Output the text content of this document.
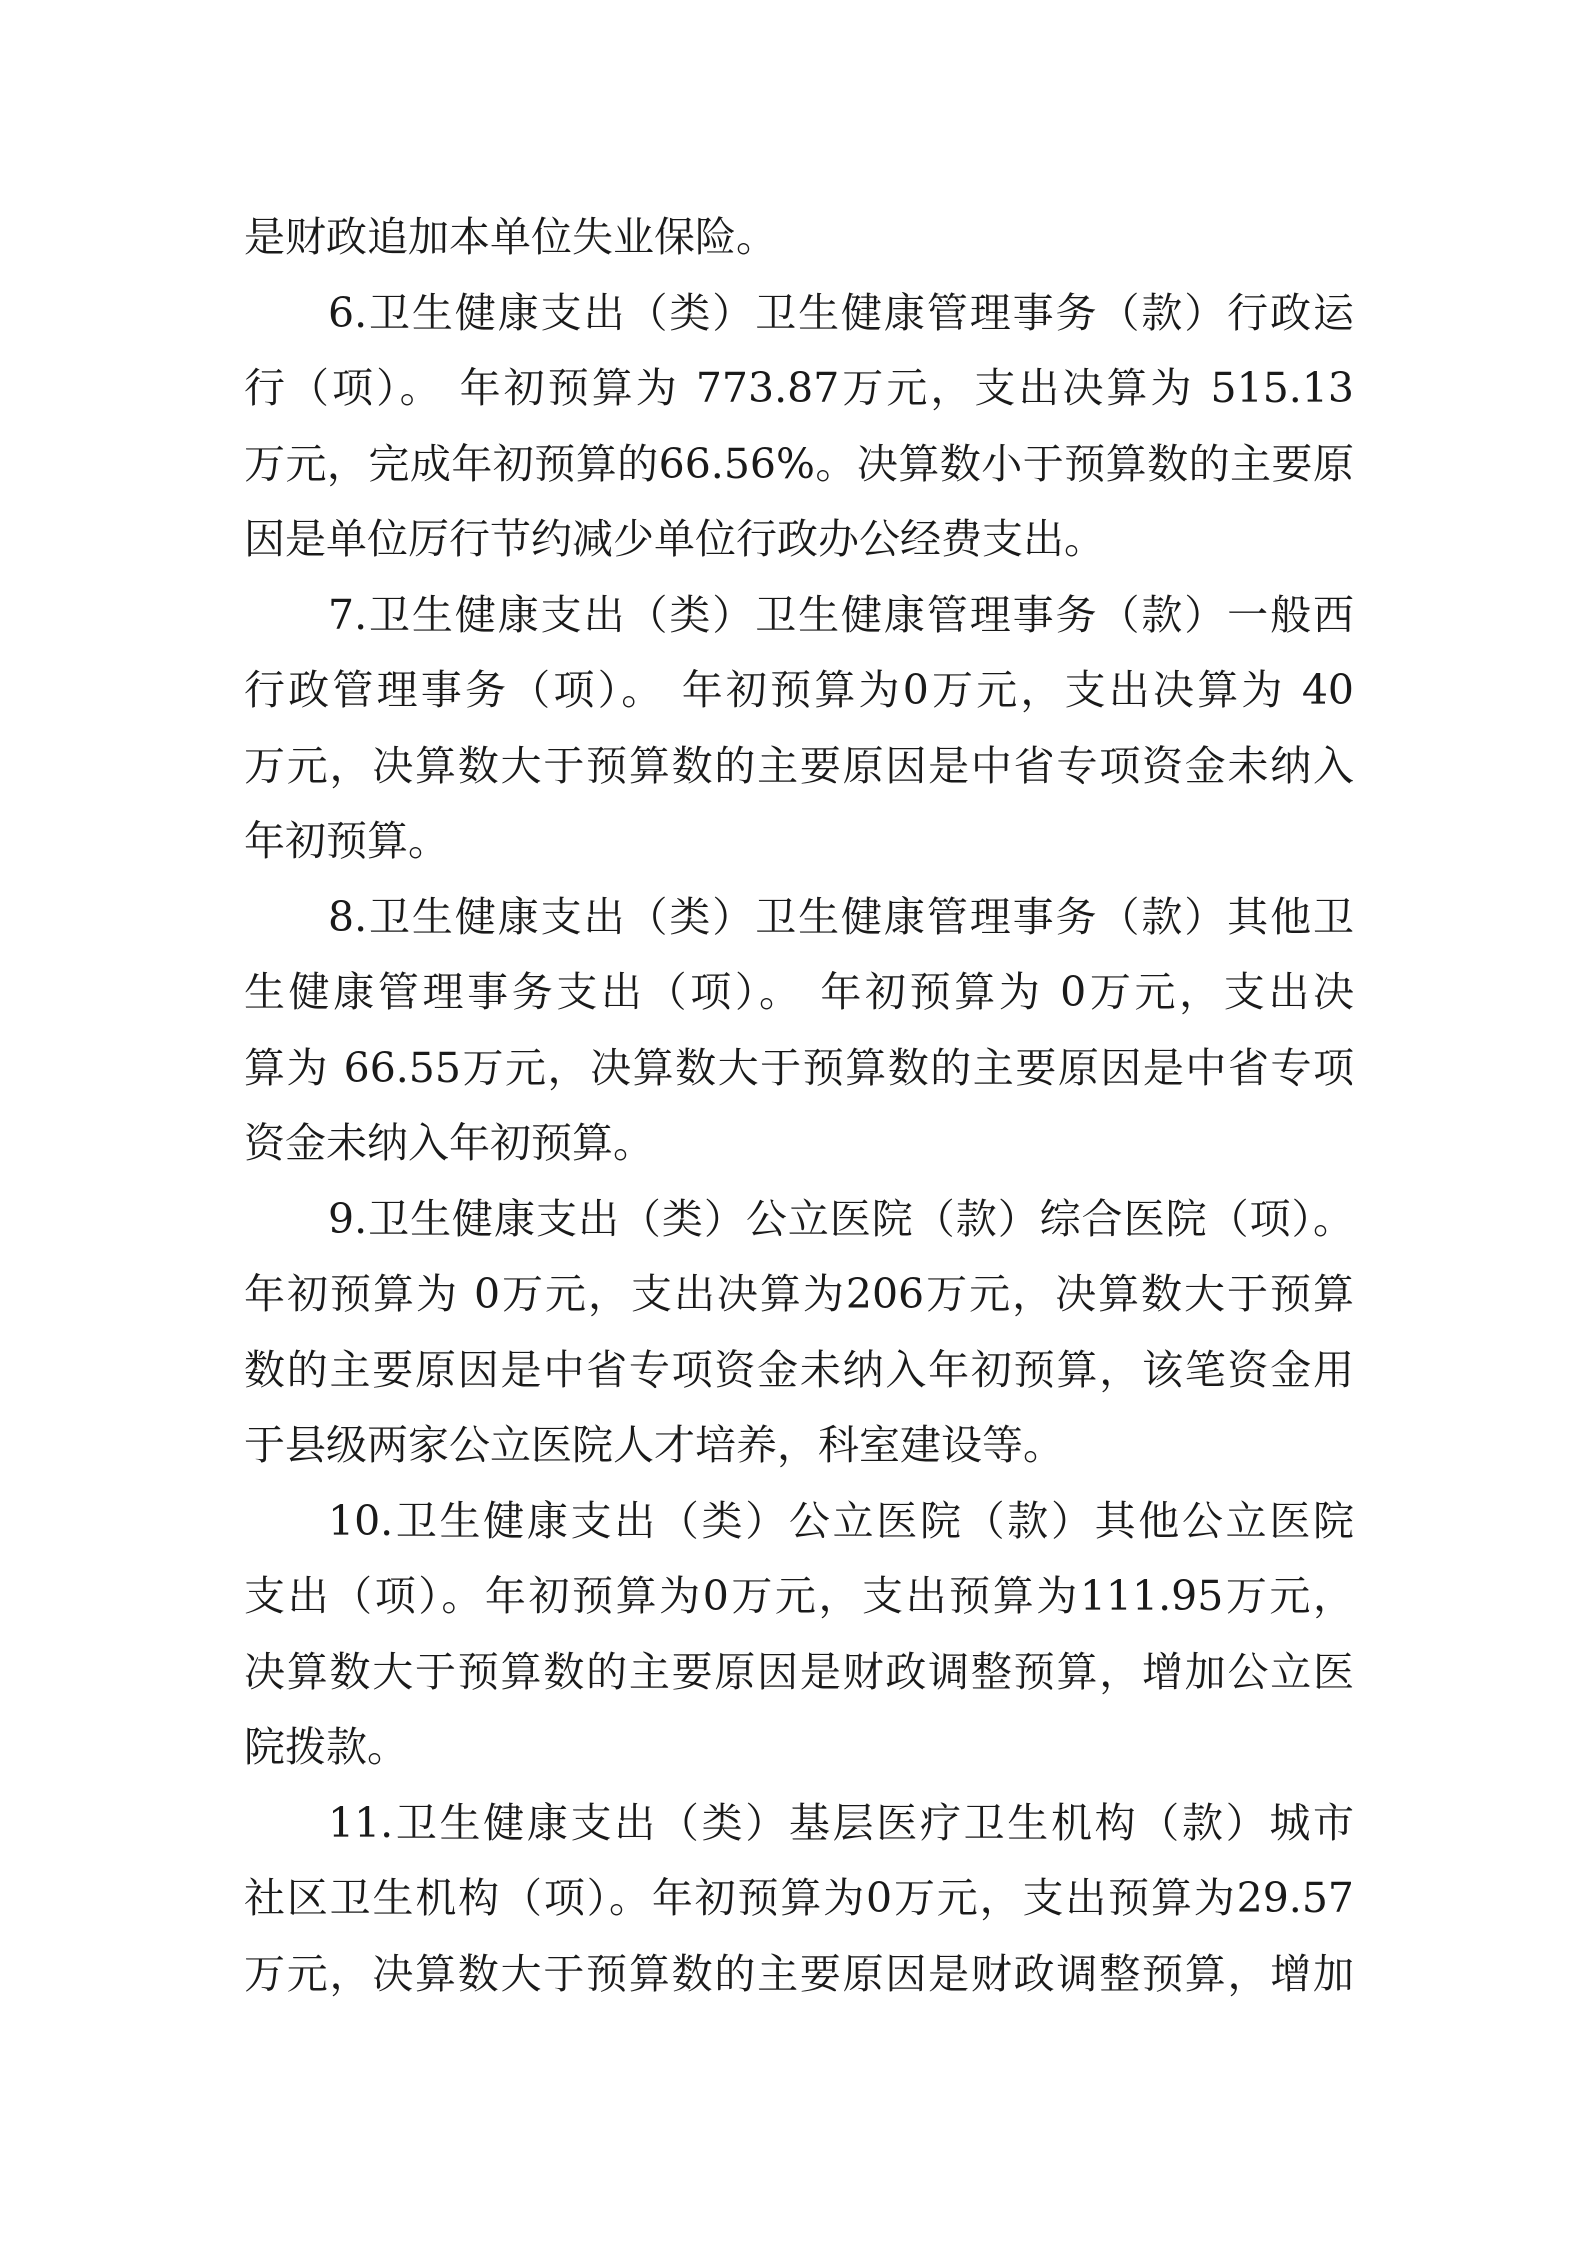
是财政追加本单位失业保险。
6.卫生健康支出（类）卫生健康管理事务（款）行政运
行（项）。 年初预算为 773.87万元，支出决算为 515.13
万元，完成年初预算的66.56%。决算数小于预算数的主要原
因是单位厉行节约减少单位行政办公经费支出。
7.卫生健康支出（类）卫生健康管理事务（款）一般西
行政管理事务（项）。 年初预算为0万元，支出决算为 40
万元，决算数大于预算数的主要原因是中省专项资金未纳入
年初预算。
8.卫生健康支出（类）卫生健康管理事务（款）其他卫
生健康管理事务支出（项）。 年初预算为 0万元，支出决
算为 66.55万元，决算数大于预算数的主要原因是中省专项
资金未纳入年初预算。
9.卫生健康支出（类）公立医院（款）综合医院（项）。
年初预算为 0万元，支出决算为206万元，决算数大于预算
数的主要原因是中省专项资金未纳入年初预算，该笔资金用
于县级两家公立医院人才培养，科室建设等。
10.卫生健康支出（类）公立医院（款）其他公立医院
支出（项）。年初预算为0万元，支出预算为111.95万元，
决算数大于预算数的主要原因是财政调整预算，增加公立医
院拨款。
11.卫生健康支出（类）基层医疗卫生机构（款）城市
社区卫生机构（项）。年初预算为0万元，支出预算为29.57
万元，决算数大于预算数的主要原因是财政调整预算，增加
